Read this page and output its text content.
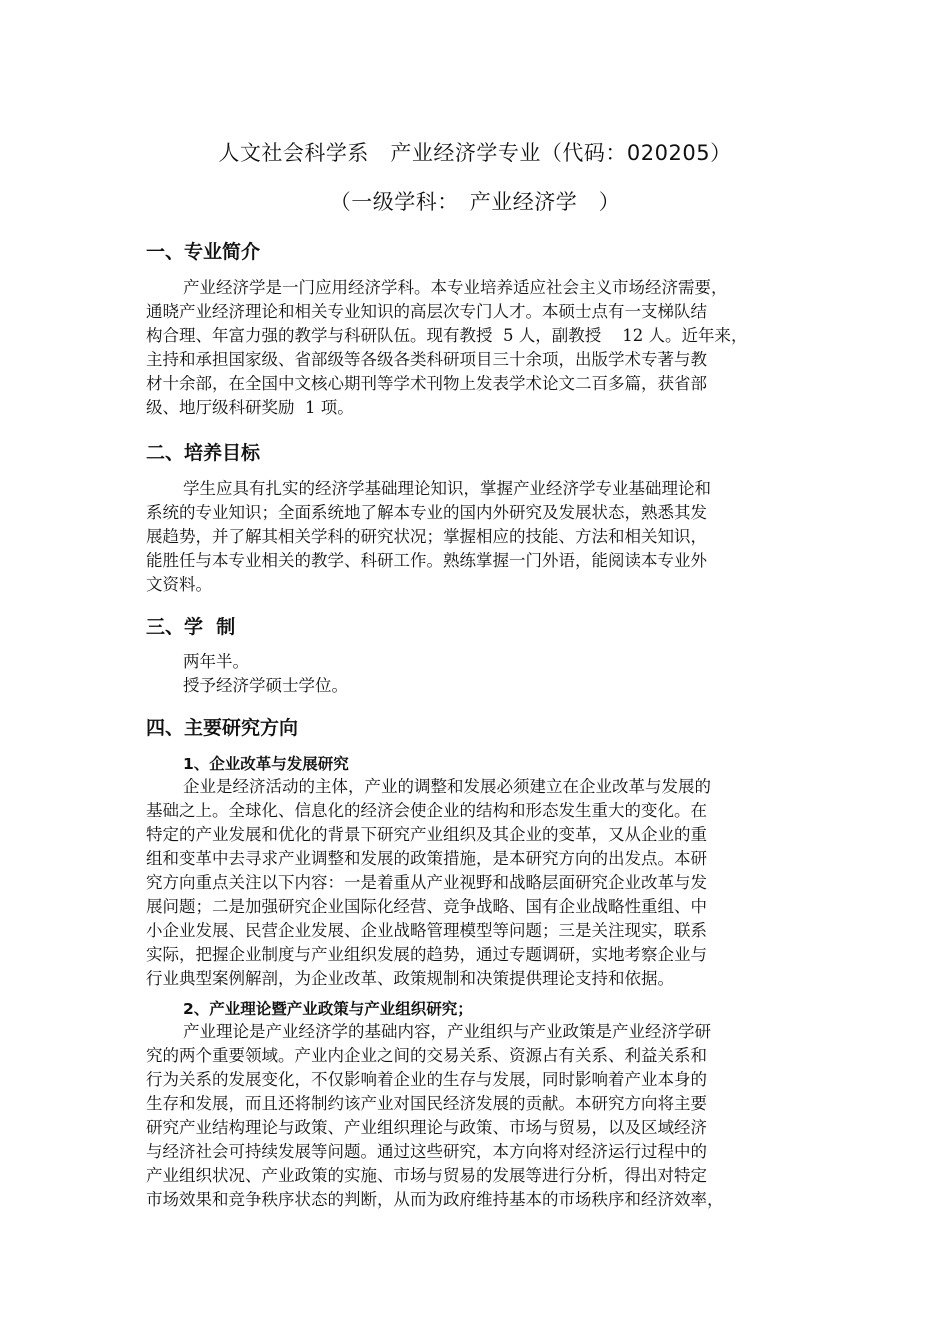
人文社会科学系　产业经济学专业（代码：020205）
（一级学科：　产业经济学　）
一、专业简介
产业经济学是一门应用经济学科。本专业培养适应社会主义市场经济需要，
通晓产业经济理论和相关专业知识的高层次专门人才。本硕士点有一支梯队结
构合理、年富力强的教学与科研队伍。现有教授  5 人，副教授    12 人。近年来，
主持和承担国家级、省部级等各级各类科研项目三十余项，出版学术专著与教
材十余部，在全国中文核心期刊等学术刊物上发表学术论文二百多篇，获省部
级、地厅级科研奖励  1 项。
二、培养目标
学生应具有扎实的经济学基础理论知识，掌握产业经济学专业基础理论和
系统的专业知识；全面系统地了解本专业的国内外研究及发展状态，熟悉其发
展趋势，并了解其相关学科的研究状况；掌握相应的技能、方法和相关知识，
能胜任与本专业相关的教学、科研工作。熟练掌握一门外语，能阅读本专业外
文资料。
三、学  制
两年半。
授予经济学硕士学位。
四、主要研究方向
1、企业改革与发展研究
企业是经济活动的主体，产业的调整和发展必须建立在企业改革与发展的
基础之上。全球化、信息化的经济会使企业的结构和形态发生重大的变化。在
特定的产业发展和优化的背景下研究产业组织及其企业的变革，又从企业的重
组和变革中去寻求产业调整和发展的政策措施，是本研究方向的出发点。本研
究方向重点关注以下内容：一是着重从产业视野和战略层面研究企业改革与发
展问题；二是加强研究企业国际化经营、竞争战略、国有企业战略性重组、中
小企业发展、民营企业发展、企业战略管理模型等问题；三是关注现实，联系
实际，把握企业制度与产业组织发展的趋势，通过专题调研，实地考察企业与
行业典型案例解剖，为企业改革、政策规制和决策提供理论支持和依据。
2、产业理论暨产业政策与产业组织研究；
产业理论是产业经济学的基础内容，产业组织与产业政策是产业经济学研
究的两个重要领域。产业内企业之间的交易关系、资源占有关系、利益关系和
行为关系的发展变化，不仅影响着企业的生存与发展，同时影响着产业本身的
生存和发展，而且还将制约该产业对国民经济发展的贡献。本研究方向将主要
研究产业结构理论与政策、产业组织理论与政策、市场与贸易，以及区域经济
与经济社会可持续发展等问题。通过这些研究，本方向将对经济运行过程中的
产业组织状况、产业政策的实施、市场与贸易的发展等进行分析，得出对特定
市场效果和竞争秩序状态的判断，从而为政府维持基本的市场秩序和经济效率，
